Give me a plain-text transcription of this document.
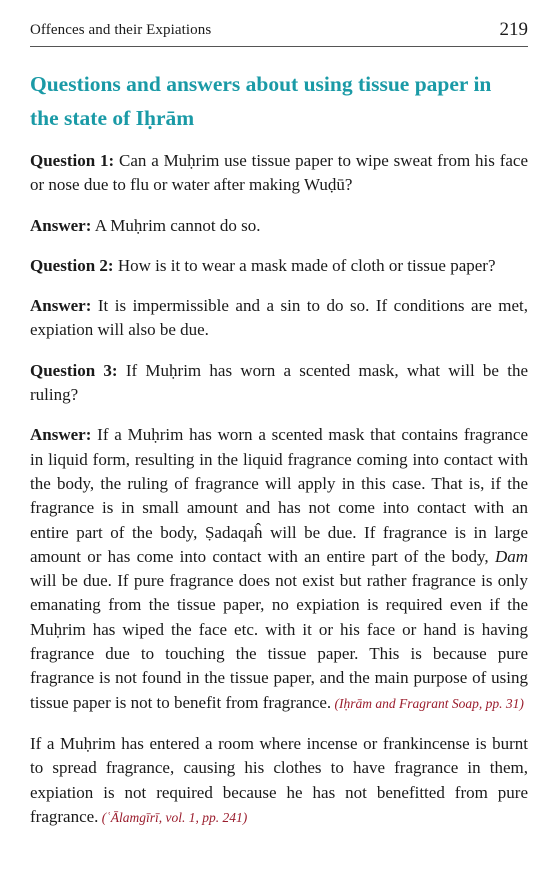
Offences and their Expiations	219
Questions and answers about using tissue paper in
the state of Iḥrām

Question 1: Can a Muḥrim use tissue paper to wipe sweat from his face or nose due to flu or water after making Wuḍū?

Answer: A Muḥrim cannot do so.

Question 2: How is it to wear a mask made of cloth or tissue paper?

Answer: It is impermissible and a sin to do so. If conditions are met, expiation will also be due.

Question 3: If Muḥrim has worn a scented mask, what will be the ruling?

Answer: If a Muḥrim has worn a scented mask that contains fragrance in liquid form, resulting in the liquid fragrance coming into contact with the body, the ruling of fragrance will apply in this case. That is, if the fragrance is in small amount and has not come into contact with an entire part of the body, Ṣadaqaĥ will be due. If fragrance is in large amount or has come into contact with an entire part of the body, Dam will be due. If pure fragrance does not exist but rather fragrance is only emanating from the tissue paper, no expiation is required even if the Muḥrim has wiped the face etc. with it or his face or hand is having fragrance due to touching the tissue paper. This is because pure fragrance is not found in the tissue paper, and the main purpose of using tissue paper is not to benefit from fragrance. (Iḥrām and Fragrant Soap, pp. 31)

If a Muḥrim has entered a room where incense or frankincense is burnt to spread fragrance, causing his clothes to have fragrance in them, expiation is not required because he has not benefitted from pure fragrance. (ʿĀlamgīrī, vol. 1, pp. 241)
